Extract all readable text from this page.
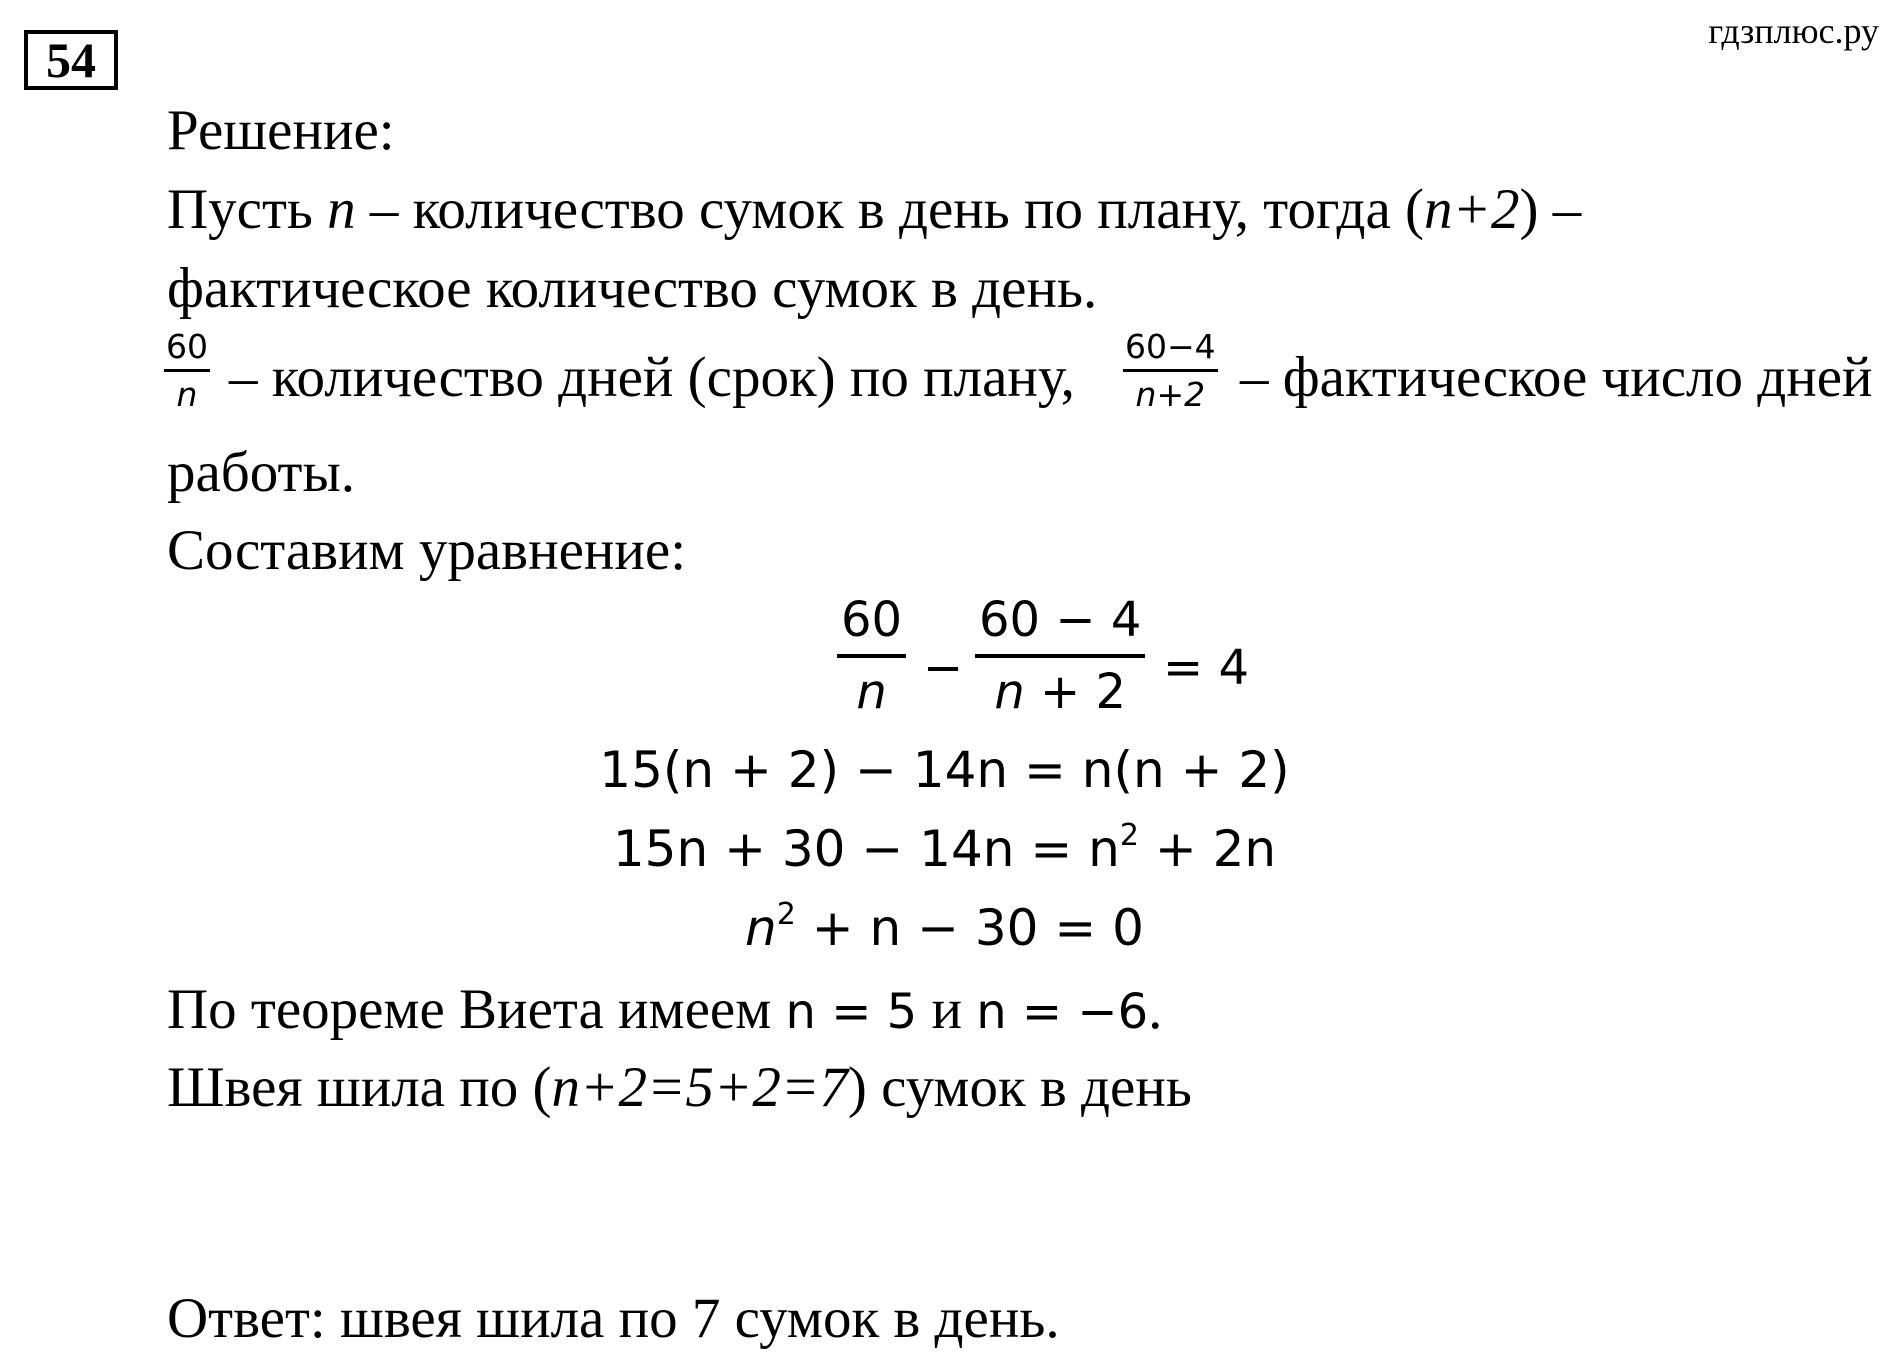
54
гдзплюс.ру
Решение:
Пусть n – количество сумок в день по плану, тогда (n+2) –
фактическое количество сумок в день.
60
n – количество дней (срок) по плану, 60−4
n+2 – фактическое число дней
работы.
Составим уравнение:
60
n −
60 − 4
n + 2 = 4
15(n + 2) − 14n = n(n + 2)
$15n + 30 - 14n = n^2 + 2n$
$n^2 + n - 30 = 0$
По теореме Виета имеем n = 5 и n = −6.
Швея шила по (n+2=5+2=7) сумок в день
Ответ: швея шила по 7 сумок в день.
